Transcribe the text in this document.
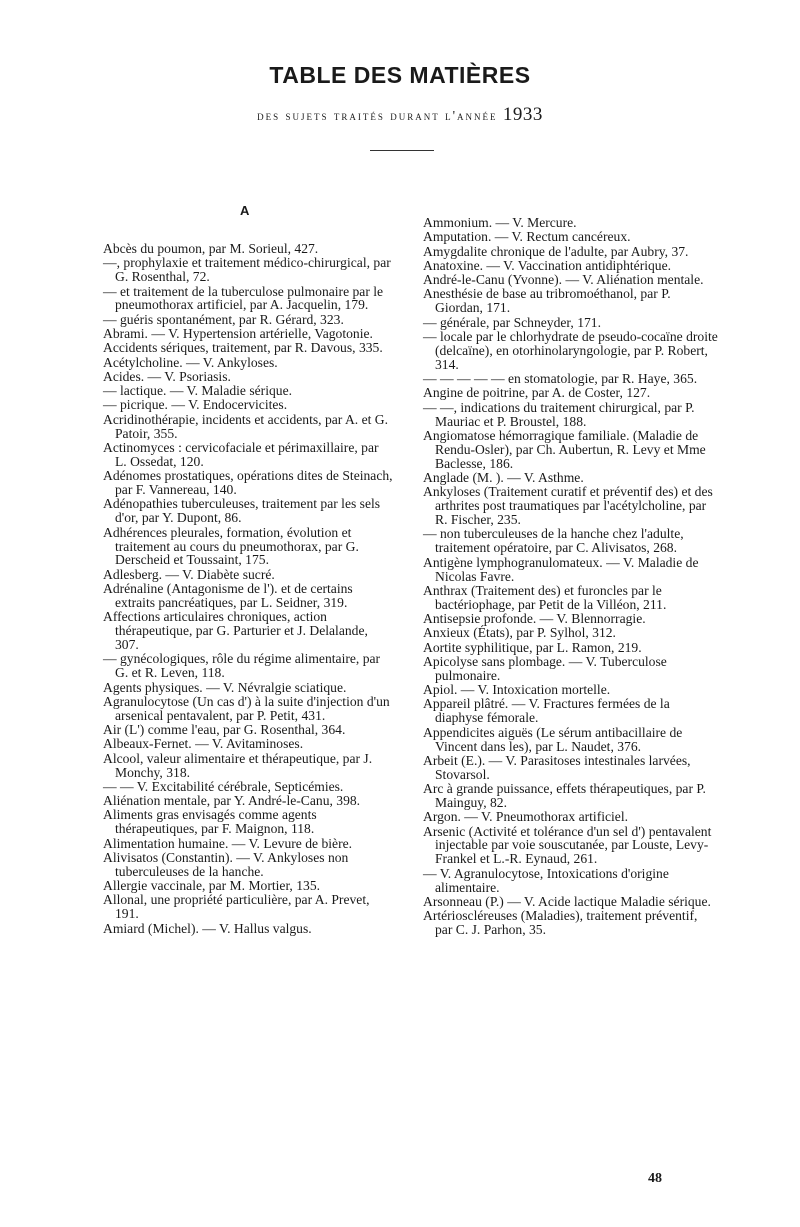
TABLE DES MATIÈRES
des sujets traités durant l'année 1933
A
Abcès du poumon, par M. Sorieul, 427.
—, prophylaxie et traitement médico-chirurgical, par G. Rosenthal, 72.
— et traitement de la tuberculose pulmonaire par le pneumothorax artificiel, par A. Jacquelin, 179.
— guéris spontanément, par R. Gérard, 323.
Abrami. — V. Hypertension artérielle, Vagotonie.
Accidents sériques, traitement, par R. Davous, 335.
Acétylcholine. — V. Ankyloses.
Acides. — V. Psoriasis.
— lactique. — V. Maladie sérique.
— picrique. — V. Endocervicites.
Acridinothérapie, incidents et accidents, par A. et G. Patoir, 355.
Actinomyces : cervicofaciale et périmaxillaire, par L. Ossedat, 120.
Adénomes prostatiques, opérations dites de Steinach, par F. Vannereau, 140.
Adénopathies tuberculeuses, traitement par les sels d'or, par Y. Dupont, 86.
Adhérences pleurales, formation, évolution et traitement au cours du pneumothorax, par G. Derscheid et Toussaint, 175.
Adlesberg. — V. Diabète sucré.
Adrénaline (Antagonisme de l'). et de certains extraits pancréatiques, par L. Seidner, 319.
Affections articulaires chroniques, action thérapeutique, par G. Parturier et J. Delalande, 307.
— gynécologiques, rôle du régime alimentaire, par G. et R. Leven, 118.
Agents physiques. — V. Névralgie sciatique.
Agranulocytose (Un cas d') à la suite d'injection d'un arsenical pentavalent, par P. Petit, 431.
Air (L') comme l'eau, par G. Rosenthal, 364.
Albeaux-Fernet. — V. Avitaminoses.
Alcool, valeur alimentaire et thérapeutique, par J. Monchy, 318.
— — V. Excitabilité cérébrale, Septicémies.
Aliénation mentale, par Y. André-le-Canu, 398.
Aliments gras envisagés comme agents thérapeutiques, par F. Maignon, 118.
Alimentation humaine. — V. Levure de bière.
Alivisatos (Constantin). — V. Ankyloses non tuberculeuses de la hanche.
Allergie vaccinale, par M. Mortier, 135.
Allonal, une propriété particulière, par A. Prevet, 191.
Amiard (Michel). — V. Hallus valgus.
Ammonium. — V. Mercure.
Amputation. — V. Rectum cancéreux.
Amygdalite chronique de l'adulte, par Aubry, 37.
Anatoxine. — V. Vaccination antidiphtérique.
André-le-Canu (Yvonne). — V. Aliénation mentale.
Anesthésie de base au tribromoéthanol, par P. Giordan, 171.
— générale, par Schneyder, 171.
— locale par le chlorhydrate de pseudo-cocaïne droite (delcaïne), en otorhinolaryngologie, par P. Robert, 314.
— — — — — en stomatologie, par R. Haye, 365.
Angine de poitrine, par A. de Coster, 127.
— —, indications du traitement chirurgical, par P. Mauriac et P. Broustel, 188.
Angiomatose hémorragique familiale. (Maladie de Rendu-Osler), par Ch. Aubertun, R. Levy et Mme Baclesse, 186.
Anglade (M. ). — V. Asthme.
Ankyloses (Traitement curatif et préventif des) et des arthrites post traumatiques par l'acétylcholine, par R. Fischer, 235.
— non tuberculeuses de la hanche chez l'adulte, traitement opératoire, par C. Alivisatos, 268.
Antigène lymphogranulomateux. — V. Maladie de Nicolas Favre.
Anthrax (Traitement des) et furoncles par le bactériophage, par Petit de la Villéon, 211.
Antisepsie profonde. — V. Blennorragie.
Anxieux (États), par P. Sylhol, 312.
Aortite syphilitique, par L. Ramon, 219.
Apicolyse sans plombage. — V. Tuberculose pulmonaire.
Apiol. — V. Intoxication mortelle.
Appareil plâtré. — V. Fractures fermées de la diaphyse fémorale.
Appendicites aiguës (Le sérum antibacillaire de Vincent dans les), par L. Naudet, 376.
Arbeit (E.). — V. Parasitoses intestinales larvées, Stovarsol.
Arc à grande puissance, effets thérapeutiques, par P. Mainguy, 82.
Argon. — V. Pneumothorax artificiel.
Arsenic (Activité et tolérance d'un sel d') pentavalent injectable par voie souscutanée, par Louste, Levy-Frankel et L.-R. Eynaud, 261.
— V. Agranulocytose, Intoxications d'origine alimentaire.
Arsonneau (P.) — V. Acide lactique Maladie sérique.
Artérioscléreuses (Maladies), traitement préventif, par C. J. Parhon, 35.
48
